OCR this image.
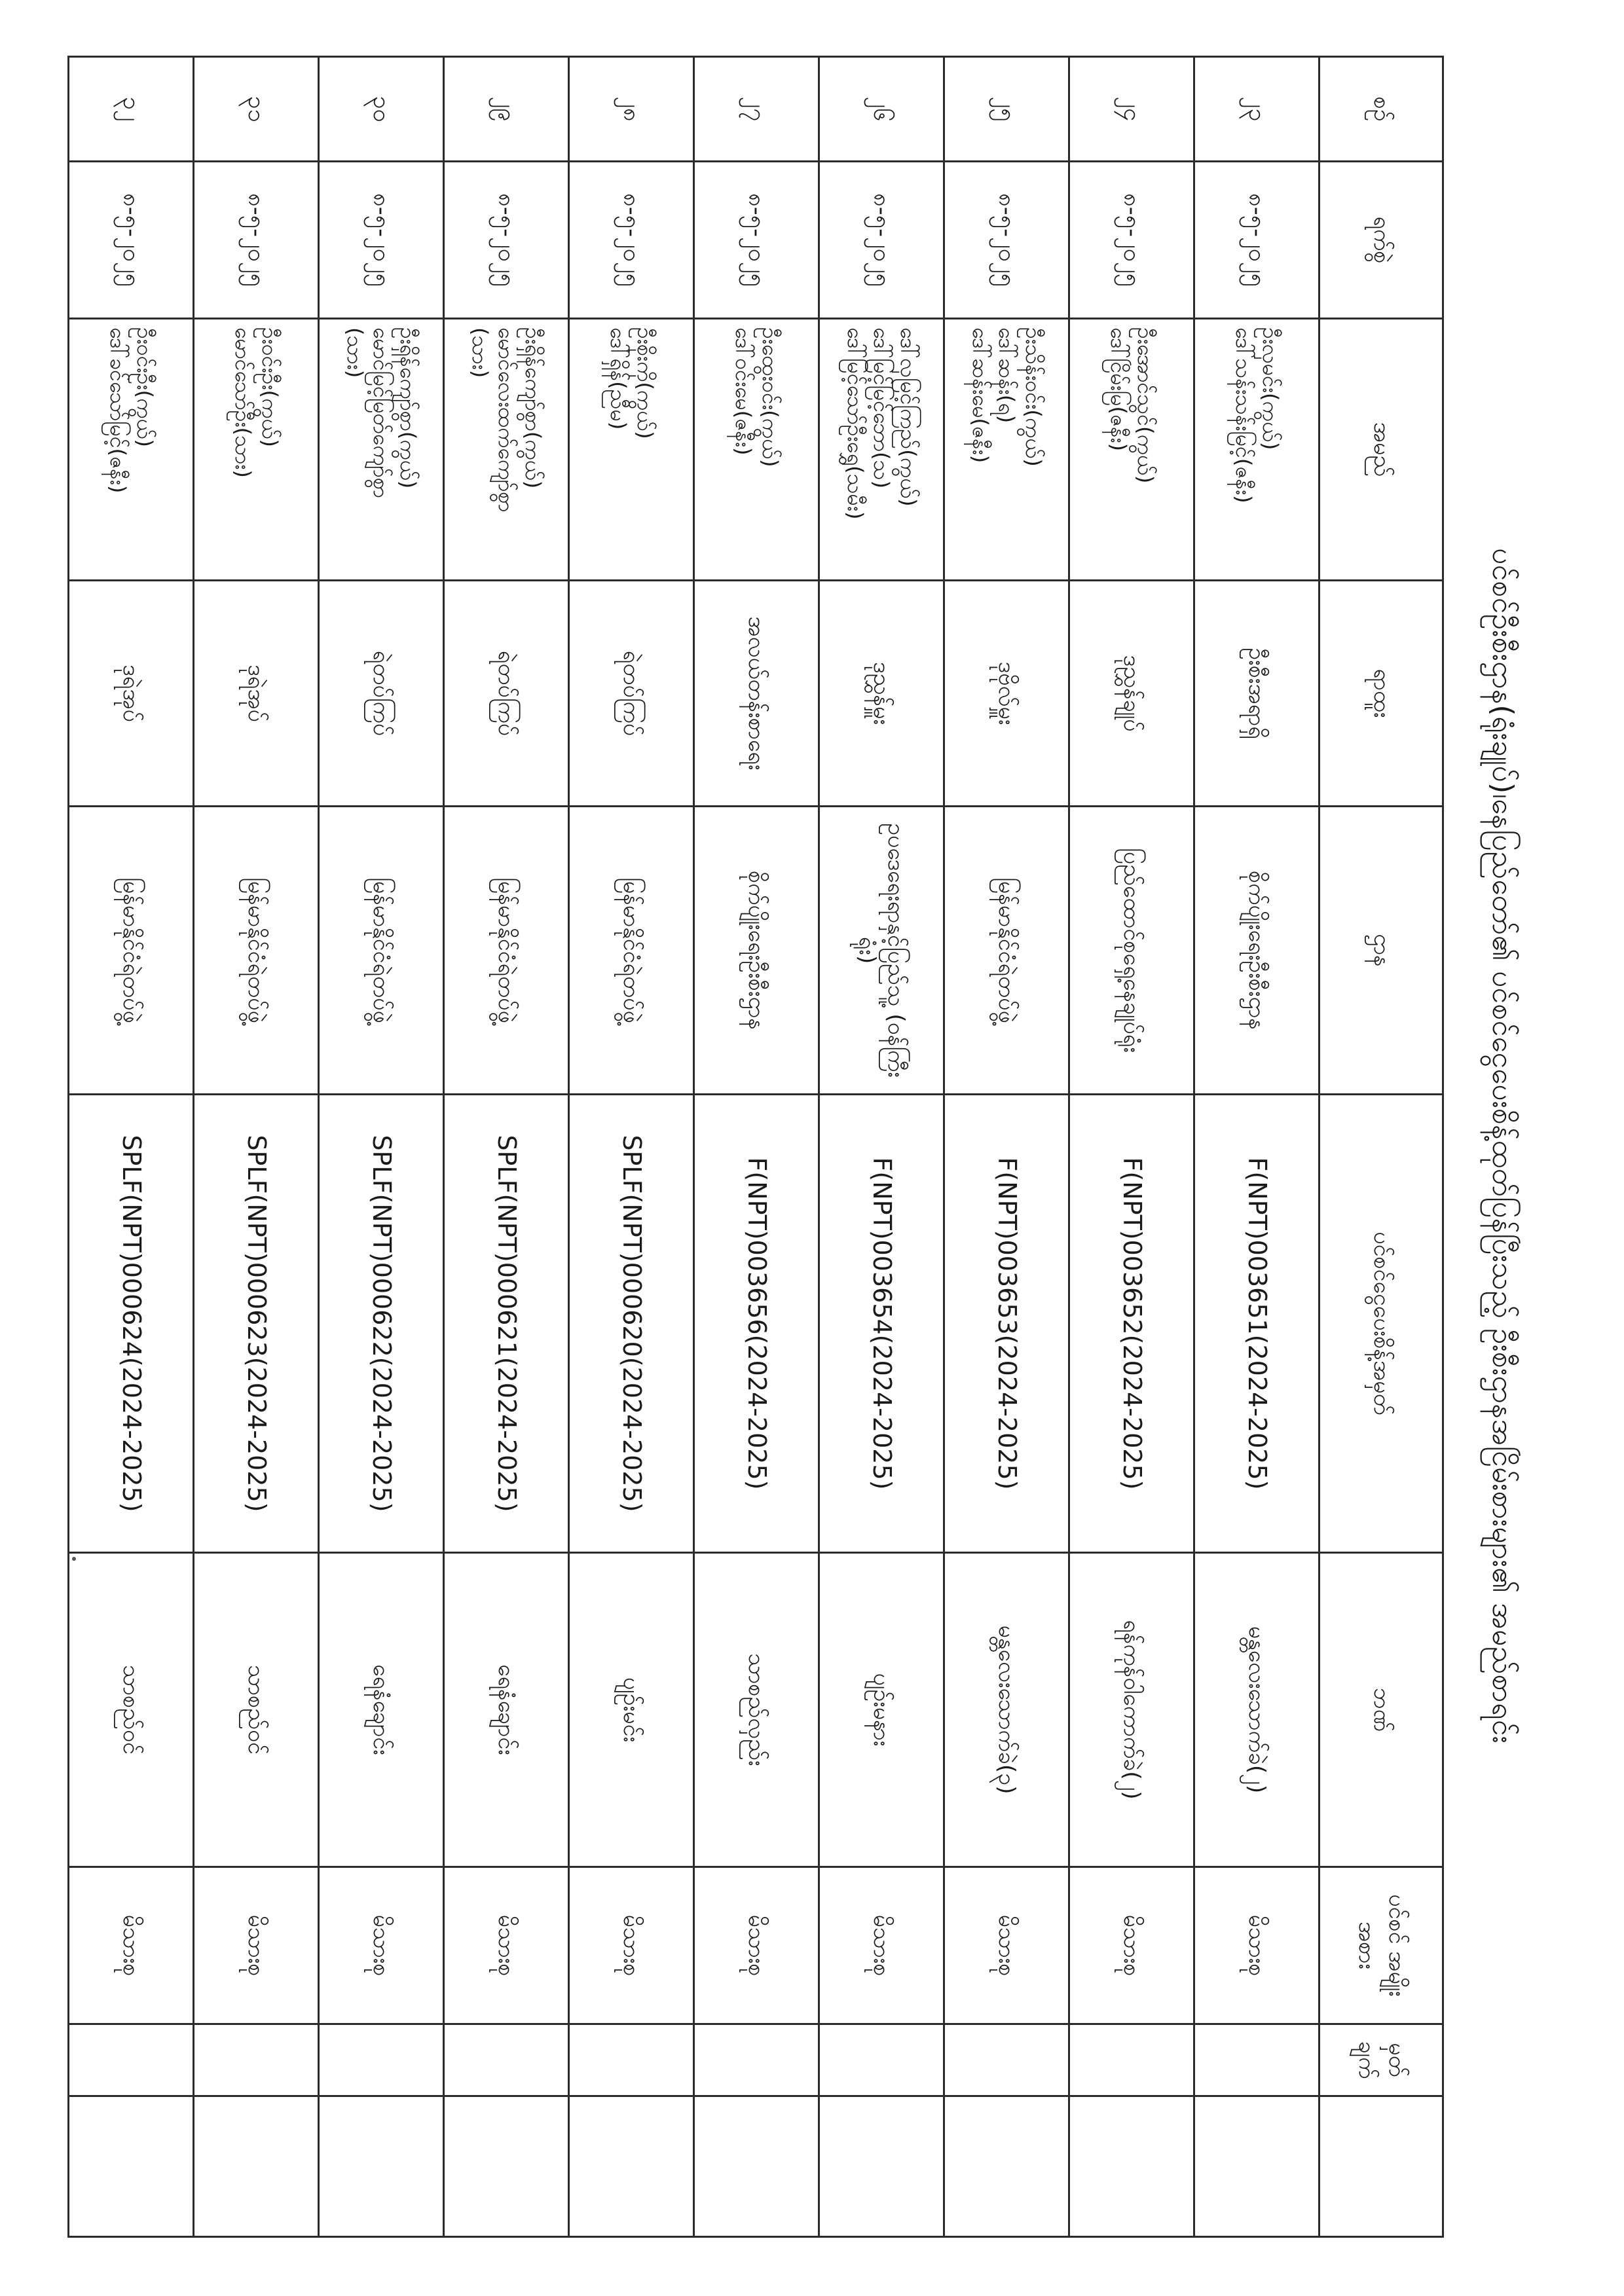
ပင်စင်ဦးစီးဌာန(ရုံးချုပ်)၊နေပြည်တော်၏ ပင်စင်ငွေပေးစိန့်ထုတ်ပြန်ပြီးသည့် ဦးစီးဌာနအငြိမ်းစားများ၏ အမည်စာရင်း
စဉ်	ရက်စွဲ	အမည်	ရာထူး	ဌာန	ပင်စင်ငွေပေးစိန့်အမှတ်	ဘဏ်	ပင်စင် အမျိုးအစား	မှတ် ချက်	
၂၃	၈-၅-၂၀၂၅	ဦးလှမင်း(ကွယ်)
ဒေါ်သန်းသန်းမြင့်(ဇနီး)	ဦးစီးအရာရှိ	စိုက်ပျိုးရေးဦးစီးဌာန	F(NPT)003651(2024-2025)	မန္တလေးသောက်ခဲ(၂)	မိသားစု		
၂၄	၈-၅-၂၀၂၅	ဦးအောင်သွင်(ကွယ်)
ဒေါ်ငြိမ်းမြ(ဇနီး)	ဒုညွှန်ချုပ်	ပြည်ထောင်စုရှေ့နေချုပ်ရုံး	F(NPT)003652(2024-2025)	ရန်ကုန်ဝါကောက်ခဲ(၂)	မိသားစု		
၂၅	၈-၅-၂၀၂၅	ဦးသိန်းဝင်း(ကွယ်)
ဒေါ်ဆန်း(ရ)
ဒေါ်ဆန်းမေ(ဇနီး)	ဒုဗိုလ်မှူး	မြန်မာနိုင်ငံရဲတပ်ဖွဲ့	F(NPT)003653(2024-2025)	မန္တလေးသောက်ခဲ(၃)	မိသားစု		
၂၆	၈-၅-၂၀၂၅	ဒေါ်လှမြင့်ကြည်(ကွယ်)
ဒေါ်မြင့်မြင့်ဘော(သ)
ဒေါ်မြင့်သော်ဦးရွှေ(သမီး)	ဒုညွှန်မှူး	ဥပဒေရေးရာနှင့်ပြည်သူ့ (ဝန်ကြီးရုံး)	F(NPT)003654(2024-2025)	ပျဉ်းမနား	မိသားစု		
၂၇	၈-၅-၂၀၂၅	ဦးထွေးဝင်း(ကွယ်)
ဒေါ်ဝင်းမေ(ဇနီး)	အလယ်တန်းစာရေး	စိုက်ပျိုးရေးဦးစီးဌာန	F(NPT)003656(2024-2025)	သာစည်လှည်း	မိသားစု		
၂၈	၈-၅-၂၀၂၅	ဦးစိုးကို(ကွယ်)
ဒေါ်ရှိန်(ညီမ)	ရဲတပ်ကြပ်	မြန်မာနိုင်ငံရဲတပ်ဖွဲ့	SPLF(NPT)000620(2024-2025)	ပျဉ်းမင်း	မိသားစု		
၂၉	၈-၅-၂၀၂၅	ဦးရှိန်ကျော်စွာ(ကွယ်)
မောင်လေးထက်ကျော်စွာ
(သား)	ရဲတပ်ကြပ်	မြန်မာနိုင်ငံရဲတပ်ဖွဲ့	SPLF(NPT)000621(2024-2025)	ရေနံချောင်း	မိသားစု		
၃၀	၈-၅-၂၀၂၅	ဦးရှိန်ကျော်စွာ(ကွယ်)
မောင်မြင့်မြတ်ကျော်စွာ
(သား)	ရဲတပ်ကြပ်	မြန်မာနိုင်ငံရဲတပ်ဖွဲ့	SPLF(NPT)000622(2024-2025)	ရေနံချောင်း	မိသားစု		
၃၁	၈-၅-၂၀၂၅	ဦးဝင်းဦး(ကွယ်)
မောင်သော်ဦး(သား)	ဒုရဲအုပ်	မြန်မာနိုင်ငံရဲတပ်ဖွဲ့	SPLF(NPT)000623(2024-2025)	သာစည်ဝင်	မိသားစု		
၃၂	၈-၅-၂၀၂၅	ဦးဝင်းဦး(ကွယ်)
ဒေါ်ခင်သော်မြင့်(ဇနီး)	ဒုရဲအုပ်	မြန်မာနိုင်ငံရဲတပ်ဖွဲ့	SPLF(NPT)000624(2024-2025)	သာစည်ဝင်	မိသားစု		
